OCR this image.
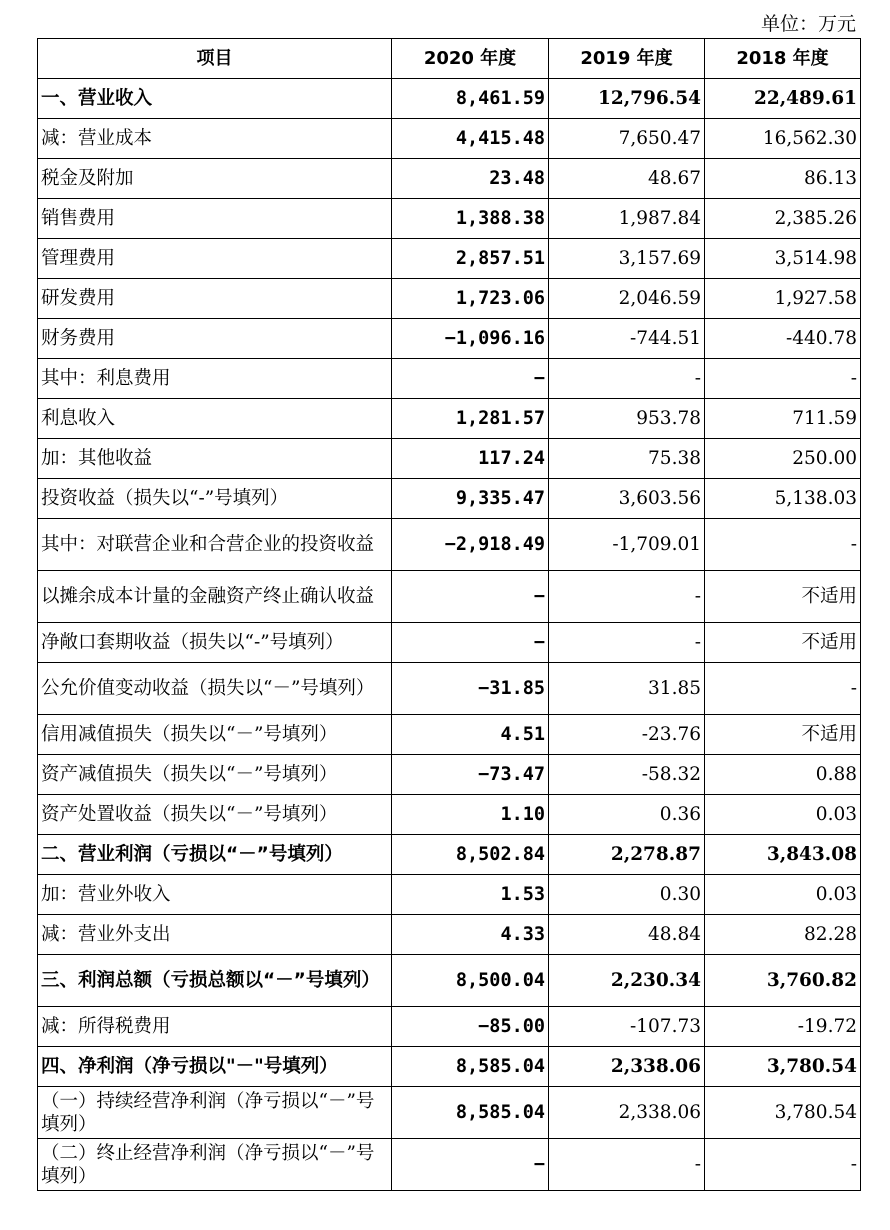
单位：万元
项目	2020 年度	2019 年度	2018 年度
一、营业收入	8,461.59	12,796.54	22,489.61
减：营业成本	4,415.48	7,650.47	16,562.30
税金及附加	23.48	48.67	86.13
销售费用	1,388.38	1,987.84	2,385.26
管理费用	2,857.51	3,157.69	3,514.98
研发费用	1,723.06	2,046.59	1,927.58
财务费用	−1,096.16	-744.51	-440.78
其中：利息费用	−	-	-
利息收入	1,281.57	953.78	711.59
加：其他收益	117.24	75.38	250.00
投资收益（损失以“-”号填列）	9,335.47	3,603.56	5,138.03
其中：对联营企业和合营企业的投资收益	−2,918.49	-1,709.01	-
以摊余成本计量的金融资产终止确认收益	−	-	不适用
净敞口套期收益（损失以“-”号填列）	−	-	不适用
公允价值变动收益（损失以“－”号填列）	−31.85	31.85	-
信用减值损失（损失以“－”号填列）	4.51	-23.76	不适用
资产减值损失（损失以“－”号填列）	−73.47	-58.32	0.88
资产处置收益（损失以“－”号填列）	1.10	0.36	0.03
二、营业利润（亏损以“－”号填列）	8,502.84	2,278.87	3,843.08
加：营业外收入	1.53	0.30	0.03
减：营业外支出	4.33	48.84	82.28
三、利润总额（亏损总额以“－”号填列）	8,500.04	2,230.34	3,760.82
减：所得税费用	−85.00	-107.73	-19.72
四、净利润（净亏损以"－"号填列）	8,585.04	2,338.06	3,780.54
（一）持续经营净利润（净亏损以“－”号填列）	8,585.04	2,338.06	3,780.54
（二）终止经营净利润（净亏损以“－”号填列）	−	-	-
